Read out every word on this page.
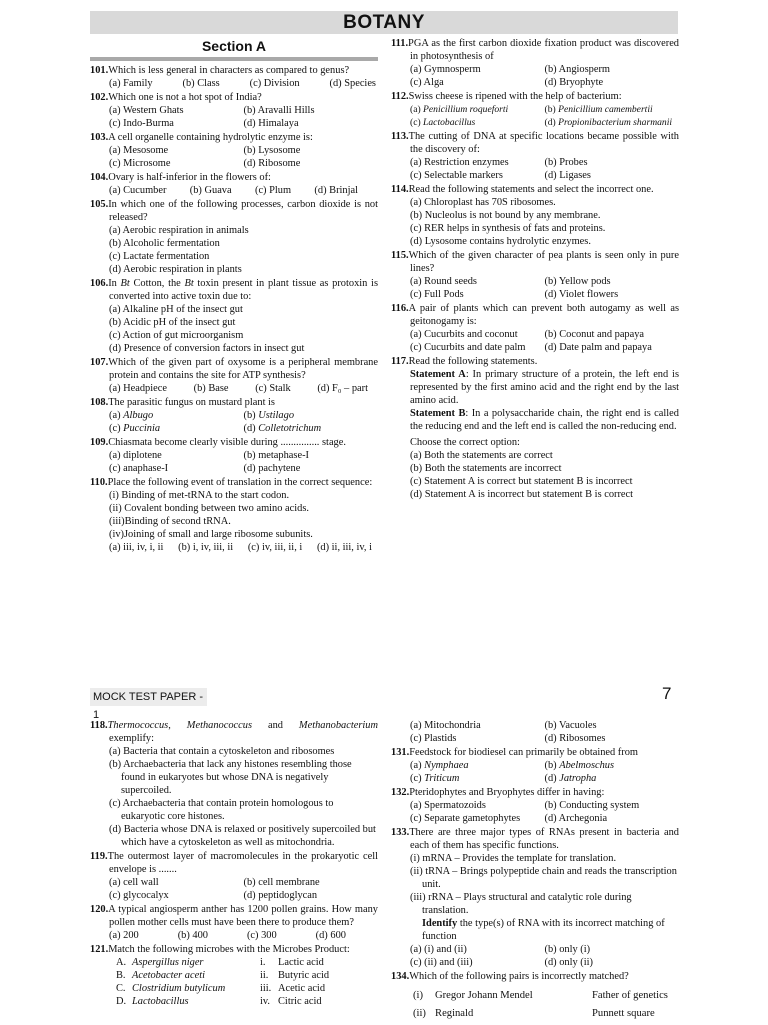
BOTANY
Section A
101.Which is less general in characters as compared to genus?
(a) Family	(b) Class	(c) Division	(d) Species
102.Which one is not a hot spot of India?
(a) Western Ghats	(b) Aravalli Hills
(c) Indo-Burma	(d) Himalaya
103.A cell organelle containing hydrolytic enzyme is:
(a) Mesosome	(b) Lysosome
(c) Microsome	(d) Ribosome
104.Ovary is half-inferior in the flowers of:
(a) Cucumber (b) Guava (c) Plum (d) Brinjal
105.In which one of the following processes, carbon dioxide is not released?
(a) Aerobic respiration in animals
(b) Alcoholic fermentation
(c) Lactate fermentation
(d) Aerobic respiration in plants
106.In Bt Cotton, the Bt toxin present in plant tissue as protoxin is converted into active toxin due to:
(a) Alkaline pH of the insect gut
(b) Acidic pH of the insect gut
(c) Action of gut microorganism
(d) Presence of conversion factors in insect gut
107.Which of the given part of oxysome is a peripheral membrane protein and contains the site for ATP synthesis?
(a) Headpiece	(b) Base	(c) Stalk	(d) F₀ – part
108.The parasitic fungus on mustard plant is
(a) Albugo	(b) Ustilago
(c) Puccinia	(d) Colletotrichum
109.Chiasmata become clearly visible during ............... stage.
(a) diplotene	(b) metaphase-I
(c) anaphase-I	(d) pachytene
110.Place the following event of translation in the correct sequence:
(i) Binding of met-tRNA to the start codon.
(ii) Covalent bonding between two amino acids.
(iii)Binding of second tRNA.
(iv)Joining of small and large ribosome subunits.
(a) iii, iv, i, ii (b) i, iv, iii, ii (c) iv, iii, ii, i (d) ii, iii, iv, i
111.PGA as the first carbon dioxide fixation product was discovered in photosynthesis of
(a) Gymnosperm	(b) Angiosperm
(c) Alga	(d) Bryophyte
112.Swiss cheese is ripened with the help of bacterium:
(a) Penicillium roqueforti	(b) Penicillium camembertii
(c) Lactobacillus	(d) Propionibacterium sharmanii
113.The cutting of DNA at specific locations became possible with the discovery of:
(a) Restriction enzymes	(b) Probes
(c) Selectable markers	(d) Ligases
114.Read the following statements and select the incorrect one.
(a) Chloroplast has 70S ribosomes.
(b) Nucleolus is not bound by any membrane.
(c) RER helps in synthesis of fats and proteins.
(d) Lysosome contains hydrolytic enzymes.
115.Which of the given character of pea plants is seen only in pure lines?
(a) Round seeds	(b) Yellow pods
(c) Full Pods	(d) Violet flowers
116.A pair of plants which can prevent both autogamy as well as geitonogamy is:
(a) Cucurbits and coconut	(b) Coconut and papaya
(c) Cucurbits and date palm	(d) Date palm and papaya
117.Read the following statements.

Statement A: In primary structure of a protein, the left end is represented by the first amino acid and the right end by the last amino acid.

Statement B: In a polysaccharide chain, the right end is called the reducing end and the left end is called the non-reducing end.

Choose the correct option:
(a) Both the statements are correct
(b) Both the statements are incorrect
(c) Statement A is correct but statement B is incorrect
(d) Statement A is incorrect but statement B is correct
MOCK TEST PAPER - 1
7
118.Thermococcus, Methanococcus and Methanobacterium exemplify:
(a) Bacteria that contain a cytoskeleton and ribosomes
(b) Archaebacteria that lack any histones resembling those found in eukaryotes but whose DNA is negatively supercoiled.
(c) Archaebacteria that contain protein homologous to eukaryotic core histones.
(d) Bacteria whose DNA is relaxed or positively supercoiled but which have a cytoskeleton as well as mitochondria.
119.The outermost layer of macromolecules in the prokaryotic cell envelope is .......
(a) cell wall	(b) cell membrane
(c) glycocalyx	(d) peptidoglycan
120.A typical angiosperm anther has 1200 pollen grains. How many pollen mother cells must have been there to produce them?
(a) 200	(b) 400	(c) 300	(d) 600
121.Match the following microbes with the Microbes Product:
A. Aspergillus niger	i.	Lactic acid
B. Acetobacter aceti	ii. Butyric acid
C. Clostridium butylicum	iii. Acetic acid
D. Lactobacillus	iv. Citric acid
(a) Mitochondria	(b) Vacuoles
(c) Plastids	(d) Ribosomes
131.Feedstock for biodiesel can primarily be obtained from
(a) Nymphaea	(b) Abelmoschus
(c) Triticum	(d) Jatropha
132.Pteridophytes and Bryophytes differ in having:
(a) Spermatozoids	(b) Conducting system
(c) Separate gametophytes	(d) Archegonia
133.There are three major types of RNAs present in bacteria and each of them has specific functions.
(i) mRNA – Provides the template for translation.
(ii) tRNA – Brings polypeptide chain and reads the transcription unit.
(iii) rRNA – Plays structural and catalytic role during translation.
Identify the type(s) of RNA with its incorrect matching of function
(a) (i) and (ii)	(b) only (i)
(c) (ii) and (iii)	(d) only (ii)
134.Which of the following pairs is incorrectly matched?
(i)	Gregor Johann Mendel	Father of genetics
(ii) Reginald	Punnett square
